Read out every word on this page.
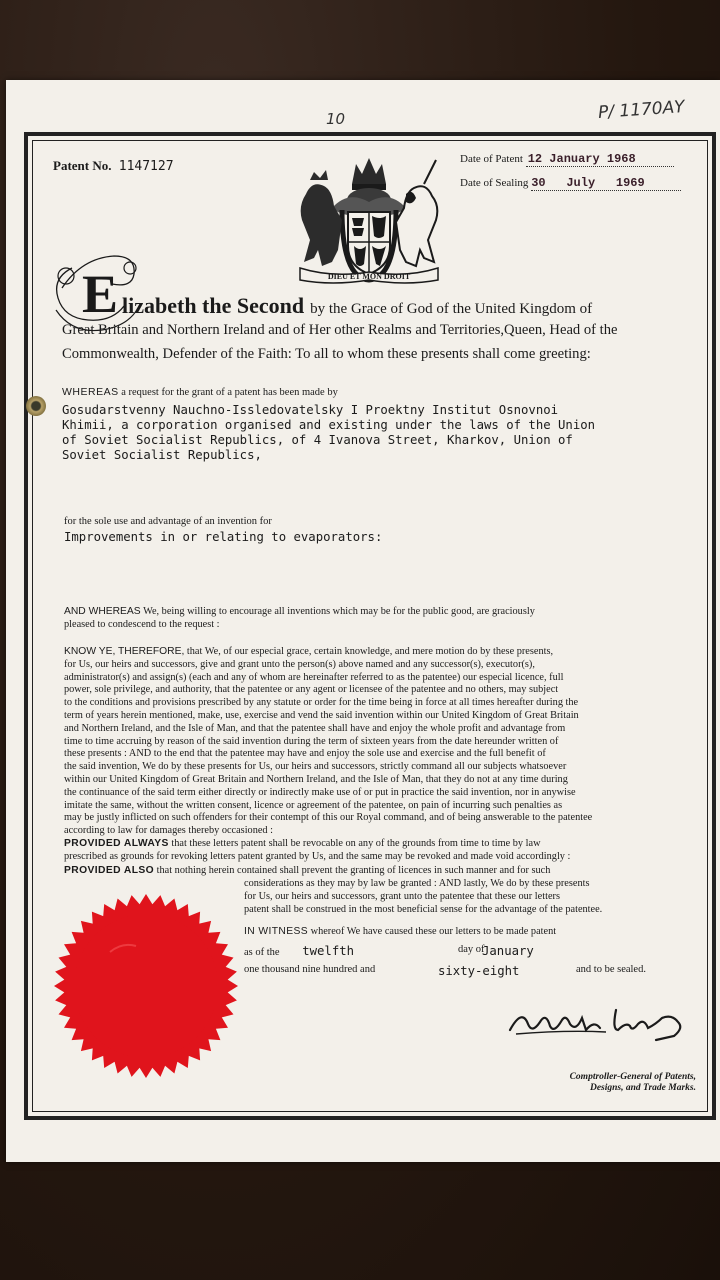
10	P/ 1170AY
Patent No. 1147127	Date of Patent 12 January 1968
Date of Sealing 30 July 1969
DIEU ET MON DROIT
E lizabeth the Second by the Grace of God of the United Kingdom of
Great Britain and Northern Ireland and of Her other Realms and Territories,Queen, Head of the
Commonwealth, Defender of the Faith: To all to whom these presents shall come greeting:
WHEREAS a request for the grant of a patent has been made by
Gosudarstvenny Nauchno-Issledovatelsky I Proektny Institut Osnovnoi
Khimii, a corporation organised and existing under the laws of the Union
of Soviet Socialist Republics, of 4 Ivanova Street, Kharkov, Union of
Soviet Socialist Republics,
for the sole use and advantage of an invention for
Improvements in or relating to evaporators:
AND WHEREAS We, being willing to encourage all inventions which may be for the public good, are graciously
pleased to condescend to the request :
KNOW YE, THEREFORE, that We, of our especial grace, certain knowledge, and mere motion do by these presents,
for Us, our heirs and successors, give and grant unto the person(s) above named and any successor(s), executor(s),
administrator(s) and assign(s) (each and any of whom are hereinafter referred to as the patentee) our especial licence, full
power, sole privilege, and authority, that the patentee or any agent or licensee of the patentee and no others, may subject
to the conditions and provisions prescribed by any statute or order for the time being in force at all times hereafter during the
term of years herein mentioned, make, use, exercise and vend the said invention within our United Kingdom of Great Britain
and Northern Ireland, and the Isle of Man, and that the patentee shall have and enjoy the whole profit and advantage from
time to time accruing by reason of the said invention during the term of sixteen years from the date hereunder written of
these presents : AND to the end that the patentee may have and enjoy the sole use and exercise and the full benefit of
the said invention, We do by these presents for Us, our heirs and successors, strictly command all our subjects whatsoever
within our United Kingdom of Great Britain and Northern Ireland, and the Isle of Man, that they do not at any time during
the continuance of the said term either directly or indirectly make use of or put in practice the said invention, nor in anywise
imitate the same, without the written consent, licence or agreement of the patentee, on pain of incurring such penalties as
may be justly inflicted on such offenders for their contempt of this our Royal command, and of being answerable to the patentee
according to law for damages thereby occasioned :
PROVIDED ALWAYS that these letters patent shall be revocable on any of the grounds from time to time by law
prescribed as grounds for revoking letters patent granted by Us, and the same may be revoked and made void accordingly :
PROVIDED ALSO that nothing herein contained shall prevent the granting of licences in such manner and for such
considerations as they may by law be granted : AND lastly, We do by these presents
for Us, our heirs and successors, grant unto the patentee that these our letters
patent shall be construed in the most beneficial sense for the advantage of the patentee.
IN WITNESS whereof We have caused these our letters to be made patent
as of the twelfth	day of
January
one thousand nine hundred and	sixty-eight	and to be sealed.
Comptroller-General of Patents,
Designs, and Trade Marks.
